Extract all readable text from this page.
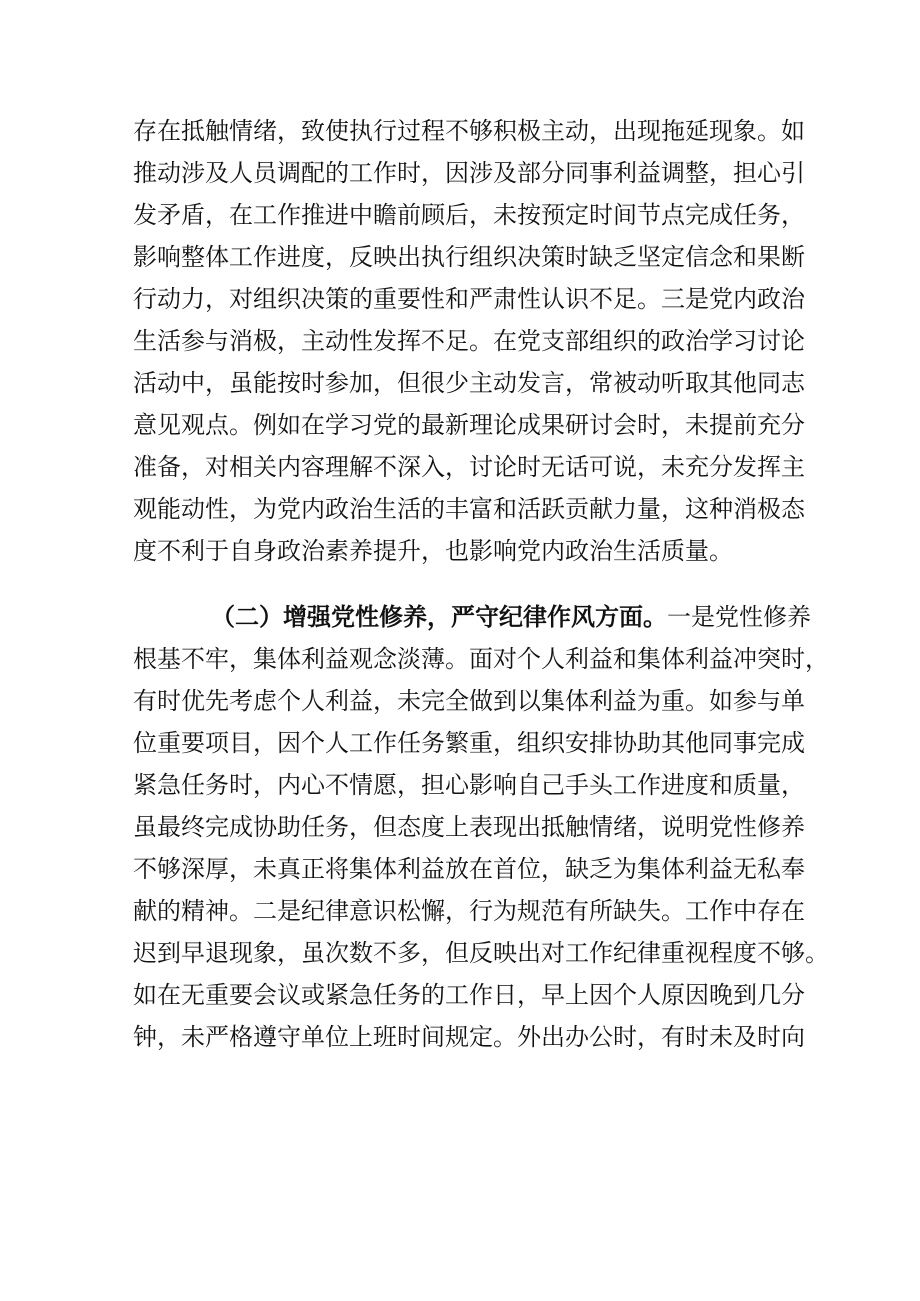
存在抵触情绪，致使执行过程不够积极主动，出现拖延现象。如
推动涉及人员调配的工作时，因涉及部分同事利益调整，担心引
发矛盾，在工作推进中瞻前顾后，未按预定时间节点完成任务，
影响整体工作进度，反映出执行组织决策时缺乏坚定信念和果断
行动力，对组织决策的重要性和严肃性认识不足。三是党内政治
生活参与消极，主动性发挥不足。在党支部组织的政治学习讨论
活动中，虽能按时参加，但很少主动发言，常被动听取其他同志
意见观点。例如在学习党的最新理论成果研讨会时，未提前充分
准备，对相关内容理解不深入，讨论时无话可说，未充分发挥主
观能动性，为党内政治生活的丰富和活跃贡献力量，这种消极态
度不利于自身政治素养提升，也影响党内政治生活质量。
（二）增强党性修养，严守纪律作风方面。一是党性修养
根基不牢，集体利益观念淡薄。面对个人利益和集体利益冲突时，
有时优先考虑个人利益，未完全做到以集体利益为重。如参与单
位重要项目，因个人工作任务繁重，组织安排协助其他同事完成
紧急任务时，内心不情愿，担心影响自己手头工作进度和质量，
虽最终完成协助任务，但态度上表现出抵触情绪，说明党性修养
不够深厚，未真正将集体利益放在首位，缺乏为集体利益无私奉
献的精神。二是纪律意识松懈，行为规范有所缺失。工作中存在
迟到早退现象，虽次数不多，但反映出对工作纪律重视程度不够。
如在无重要会议或紧急任务的工作日，早上因个人原因晚到几分
钟，未严格遵守单位上班时间规定。外出办公时，有时未及时向
